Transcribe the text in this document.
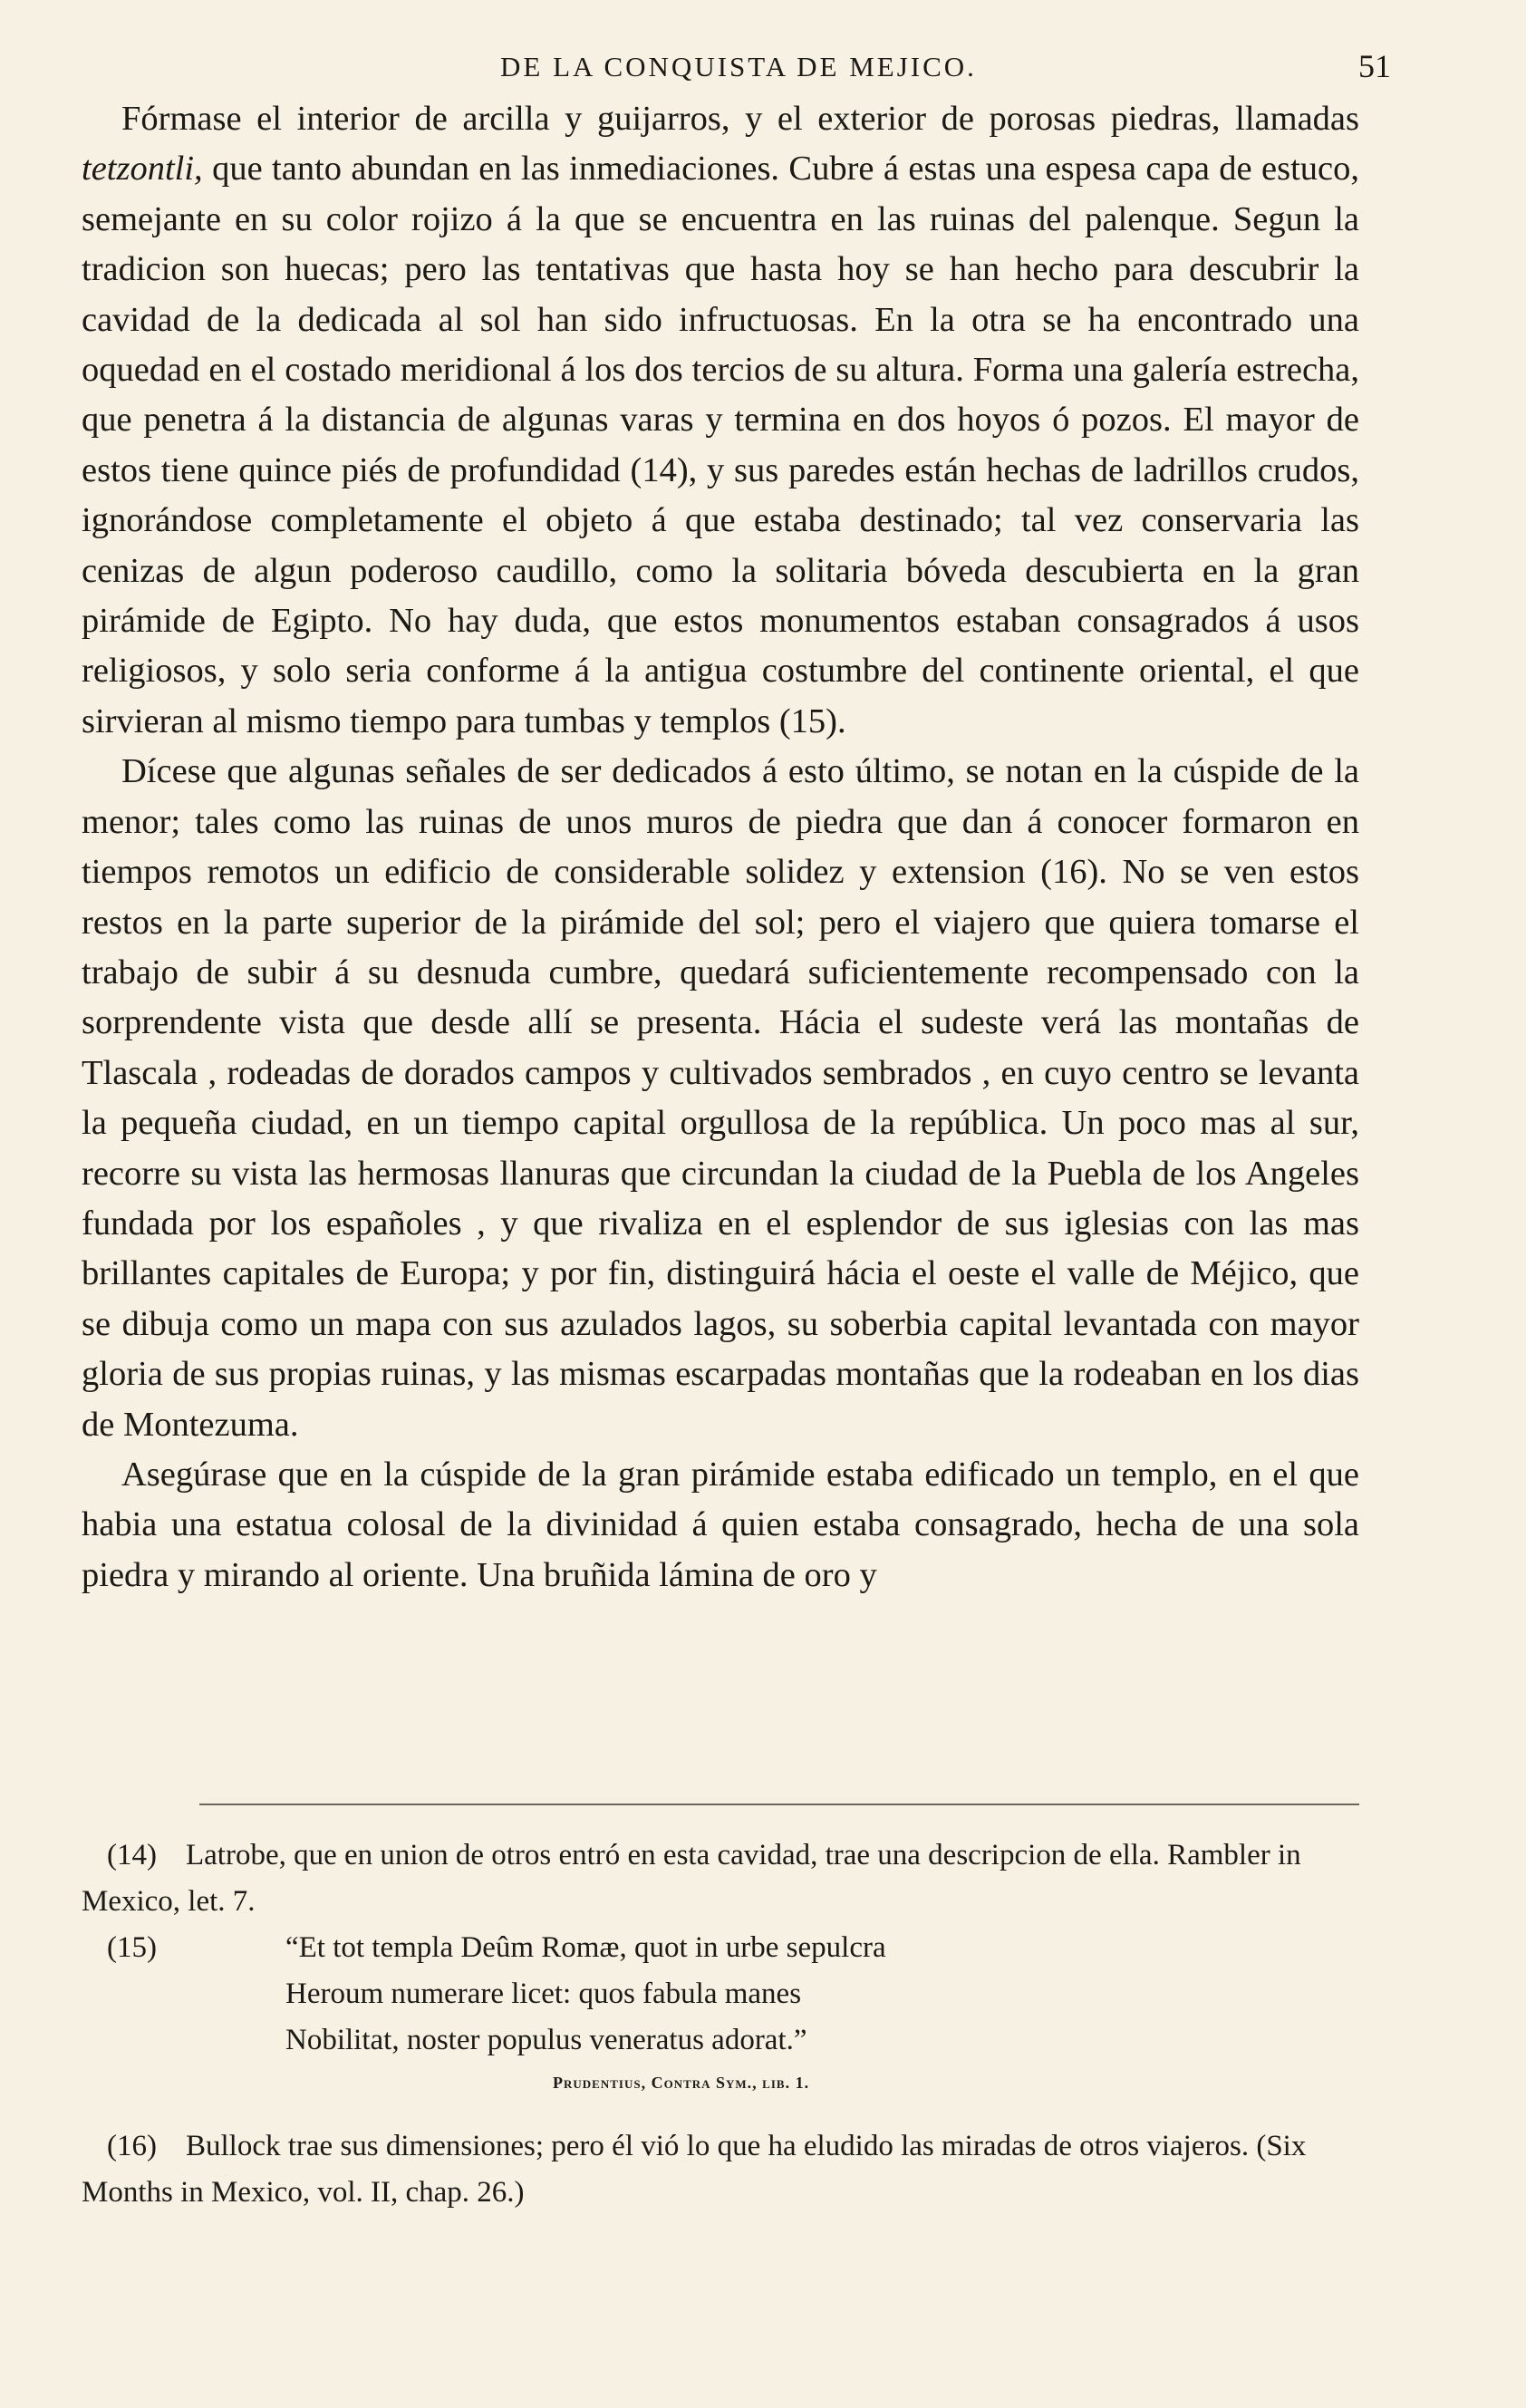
DE LA CONQUISTA DE MEJICO.	51

Fórmase el interior de arcilla y guijarros, y el exterior de porosas piedras, llamadas tetzontli, que tanto abundan en las inmediaciones. Cubre á estas una espesa capa de estuco, semejante en su color rojizo á la que se encuentra en las ruinas del palenque. Segun la tradicion son huecas; pero las tentativas que hasta hoy se han hecho para descubrir la cavidad de la dedicada al sol han sido infructuosas. En la otra se ha encontrado una oquedad en el costado meridional á los dos tercios de su altura. Forma una galería estrecha, que penetra á la distancia de algunas varas y termina en dos hoyos ó pozos. El mayor de estos tiene quince piés de profundidad (14), y sus paredes están hechas de ladrillos crudos, ignorándose completamente el objeto á que estaba destinado; tal vez conservaria las cenizas de algun poderoso caudillo, como la solitaria bóveda descubierta en la gran pirámide de Egipto. No hay duda, que estos monumentos estaban consagrados á usos religiosos, y solo seria conforme á la antigua costumbre del continente oriental, el que sirvieran al mismo tiempo para tumbas y templos (15).

Dícese que algunas señales de ser dedicados á esto último, se notan en la cúspide de la menor; tales como las ruinas de unos muros de piedra que dan á conocer formaron en tiempos remotos un edificio de considerable solidez y extension (16). No se ven estos restos en la parte superior de la pirámide del sol; pero el viajero que quiera tomarse el trabajo de subir á su desnuda cumbre, quedará suficientemente recompensado con la sorprendente vista que desde allí se presenta. Hácia el sudeste verá las montañas de Tlascala , rodeadas de dorados campos y cultivados sembrados , en cuyo centro se levanta la pequeña ciudad, en un tiempo capital orgullosa de la república. Un poco mas al sur, recorre su vista las hermosas llanuras que circundan la ciudad de la Puebla de los Angeles fundada por los españoles , y que rivaliza en el esplendor de sus iglesias con las mas brillantes capitales de Europa; y por fin, distinguirá hácia el oeste el valle de Méjico, que se dibuja como un mapa con sus azulados lagos, su soberbia capital levantada con mayor gloria de sus propias ruinas, y las mismas escarpadas montañas que la rodeaban en los dias de Montezuma.

Asegúrase que en la cúspide de la gran pirámide estaba edificado un templo, en el que habia una estatua colosal de la divinidad á quien estaba consagrado, hecha de una sola piedra y mirando al oriente. Una bruñida lámina de oro y

(14) Latrobe, que en union de otros entró en esta cavidad, trae una descripcion de ella. Rambler in Mexico, let. 7.

(15)	“Et tot templa Deûm Romæ, quot in urbe sepulcra
Heroum numerare licet: quos fabula manes
Nobilitat, noster populus veneratus adorat.”
Prudentius, Contra Sym., lib. 1.

(16) Bullock trae sus dimensiones; pero él vió lo que ha eludido las miradas de otros viajeros. (Six Months in Mexico, vol. II, chap. 26.)
